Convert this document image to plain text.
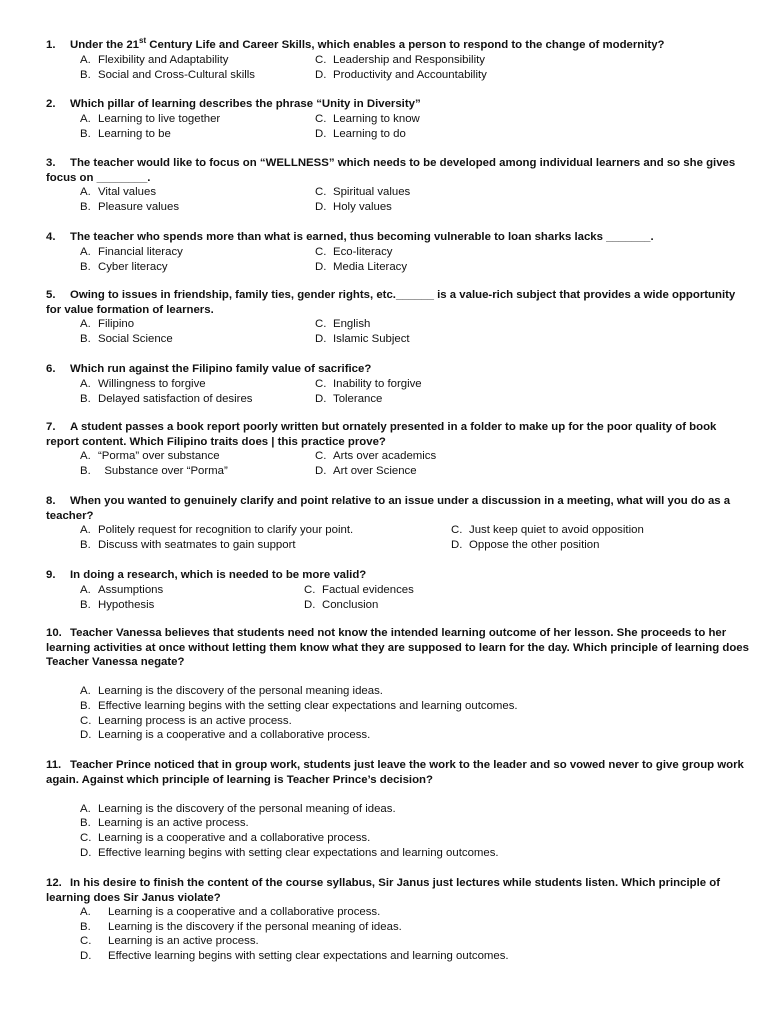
1. Under the 21st Century Life and Career Skills, which enables a person to respond to the change of modernity?

A. Flexibility and Adaptability	C. Leadership and Responsibility
B. Social and Cross-Cultural skills	D. Productivity and Accountability

2. Which pillar of learning describes the phrase “Unity in Diversity”

A. Learning to live together	C. Learning to know
B. Learning to be	D. Learning to do

3. The teacher would like to focus on “WELLNESS” which needs to be developed among individual learners and so she gives focus on ________.

A. Vital values	C. Spiritual values
B. Pleasure values	D. Holy values

4. The teacher who spends more than what is earned, thus becoming vulnerable to loan sharks lacks _______.

A. Financial literacy	C. Eco-literacy
B. Cyber literacy	D. Media Literacy

5. Owing to issues in friendship, family ties, gender rights, etc.______ is a value-rich subject that provides a wide opportunity for value formation of learners.

A. Filipino	C. English
B. Social Science	D. Islamic Subject

6. Which run against the Filipino family value of sacrifice?

A. Willingness to forgive	C. Inability to forgive
B. Delayed satisfaction of desires	D. Tolerance

7. A student passes a book report poorly written but ornately presented in a folder to make up for the poor quality of book report content. Which Filipino traits does | this practice prove?

A. “Porma” over substance	C. Arts over academics
B.  Substance over “Porma”	D. Art over Science

8. When you wanted to genuinely clarify and point relative to an issue under a discussion in a meeting, what will you do as a teacher?

A. Politely request for recognition to clarify your point.	C. Just keep quiet to avoid opposition
B. Discuss with seatmates to gain support	D. Oppose the other position

9. In doing a research, which is needed to be more valid?

A. Assumptions	C. Factual evidences
B. Hypothesis	D. Conclusion

10. Teacher Vanessa believes that students need not know the intended learning outcome of her lesson. She proceeds to her learning activities at once without letting them know what they are supposed to learn for the day. Which principle of learning does Teacher Vanessa negate?

A. Learning is the discovery of the personal meaning ideas.
B. Effective learning begins with the setting clear expectations and learning outcomes.
C. Learning process is an active process.
D. Learning is a cooperative and a collaborative process.

11. Teacher Prince noticed that in group work, students just leave the work to the leader and so vowed never to give group work again. Against which principle of learning is Teacher Prince’s decision?

A. Learning is the discovery of the personal meaning of ideas.
B. Learning is an active process.
C. Learning is a cooperative and a collaborative process.
D. Effective learning begins with setting clear expectations and learning outcomes.

12. In his desire to finish the content of the course syllabus, Sir Janus just lectures while students listen. Which principle of learning does Sir Janus violate?

A. Learning is a cooperative and a collaborative process.
B. Learning is the discovery if the personal meaning of ideas.
C. Learning is an active process.
D. Effective learning begins with setting clear expectations and learning outcomes.
